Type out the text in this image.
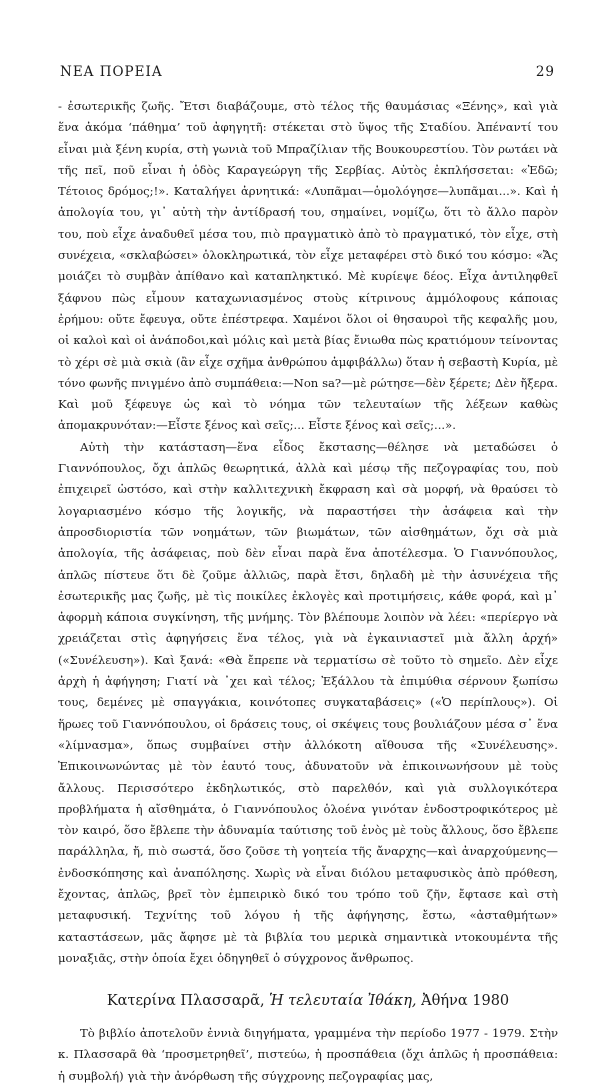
ΝΕΑ ΠΟΡΕΙΑ	29

- ἐσωτερικῆς ζωῆς. Ἔτσι διαβάζουμε, στὸ τέλος τῆς θαυμάσιας «Ξένης», καὶ γιὰ ἕνα ἀκόμα ‘πάθημα’ τοῦ ἀφηγητῆ: στέκεται στὸ ὕψος τῆς Σταδίου. Ἀπέναντί του εἶναι μιὰ ξένη κυρία, στὴ γωνιὰ τοῦ Μπραζίλιαν τῆς Βουκουρεστίου. Τὸν ρωτάει νὰ τῆς πεῖ, ποῦ εἶναι ἡ ὁδὸς Καραγεώργη τῆς Σερβίας. Αὐτὸς ἐκπλήσσεται: «Ἐδῶ; Τέτοιος δρόμος;!». Καταλήγει ἀρνητικά: «Λυπᾶμαι—ὁμολόγησε—λυπᾶμαι...». Καὶ ἡ ἀπολογία του, γι᾽ αὐτὴ τὴν ἀντίδρασή του, σημαίνει, νομίζω, ὅτι τὸ ἄλλο παρὸν του, ποὺ εἶχε ἀναδυθεῖ μέσα του, πιὸ πραγματικὸ ἀπὸ τὸ πραγματικό, τὸν εἶχε, στὴ συνέχεια, «σκλαβώσει» ὁλοκληρωτικά, τὸν εἶχε μεταφέρει στὸ δικό του κόσμο: «Ἄς μοιάζει τὸ συμβὰν ἀπίθανο καὶ καταπληκτικό. Μὲ κυρίεψε δέος. Εἶχα ἀντιληφθεῖ ξάφνου πὼς εἶμουν καταχωνιασμένος στοὺς κίτρινους ἀμμόλοφους κάποιας ἐρήμου: οὔτε ἔφευγα, οὔτε ἐπέστρεφα. Χαμένοι ὅλοι οἱ θησαυροὶ τῆς κεφαλῆς μου, οἱ καλοὶ καὶ οἱ ἀνάποδοι,καὶ μόλις καὶ μετὰ βίας ἔνιωθα πὼς κρατιόμουν τείνοντας τὸ χέρι σὲ μιὰ σκιὰ (ἂν εἶχε σχῆμα ἀνθρώπου ἀμφιβάλλω) ὅταν ἡ σεβαστὴ Κυρία, μὲ τόνο φωνῆς πνιγμένο ἀπὸ συμπάθεια:—Non sa?—μὲ ρώτησε—δὲν ξέρετε; Δὲν ἤξερα. Καὶ μοῦ ξέφευγε ὡς καὶ τὸ νόημα τῶν τελευταίων τῆς λέξεων καθὼς ἀπομακρυνόταν:—Εἶστε ξένος καὶ σεῖς;... Εἶστε ξένος καὶ σεῖς;...».

Αὐτὴ τὴν κατάσταση—ἕνα εἶδος ἔκστασης—θέλησε νὰ μεταδώσει ὁ Γιαννόπουλος, ὄχι ἁπλῶς θεωρητικά, ἀλλὰ καὶ μέσῳ τῆς πεζογραφίας του, ποὺ ἐπιχειρεῖ ὡστόσο, καὶ στὴν καλλιτεχνικὴ ἔκφραση καὶ σὰ μορφή, νὰ θραύσει τὸ λογαριασμένο κόσμο τῆς λογικῆς, νὰ παραστήσει τὴν ἀσάφεια καὶ τὴν ἀπροσδιοριστία τῶν νοημάτων, τῶν βιωμάτων, τῶν αἰσθημάτων, ὄχι σὰ μιὰ ἀπολογία, τῆς ἀσάφειας, ποὺ δὲν εἶναι παρὰ ἕνα ἀποτέλεσμα. Ὁ Γιαννόπουλος, ἁπλῶς πίστευε ὅτι δὲ ζοῦμε ἀλλιῶς, παρὰ ἔτσι, δηλαδὴ μὲ τὴν ἀσυνέχεια τῆς ἐσωτερικῆς μας ζωῆς, μὲ τὶς ποικίλες ἐκλογὲς καὶ προτιμήσεις, κάθε φορά, καὶ μ᾽ ἀφορμὴ κάποια συγκίνηση, τῆς μνήμης. Τὸν βλέπουμε λοιπὸν νὰ λέει: «περίεργο νὰ χρειάζεται στὶς ἀφηγήσεις ἕνα τέλος, γιὰ νὰ ἐγκαινιαστεῖ μιὰ ἄλλη ἀρχή» («Συνέλευση»). Καὶ ξανά: «Θὰ ἔπρεπε νὰ τερματίσω σὲ τοῦτο τὸ σημεῖο. Δὲν εἶχε ἀρχὴ ἡ ἀφήγηση; Γιατί νὰ ᾽χει καὶ τέλος; Ἐξάλλου τὰ ἐπιμύθια σέρνουν ξωπίσω τους, δεμένες μὲ σπαγγάκια, κοινότοπες συγκαταβάσεις» («Ὁ περίπλους»). Οἱ ἥρωες τοῦ Γιαννόπουλου, οἱ δράσεις τους, οἱ σκέψεις τους βουλιάζουν μέσα σ᾽ ἕνα «λίμνασμα», ὅπως συμβαίνει στὴν ἀλλόκοτη αἴθουσα τῆς «Συνέλευσης». Ἐπικοινωνώντας μὲ τὸν ἑαυτό τους, ἀδυνατοῦν νὰ ἐπικοινωνήσουν μὲ τοὺς ἄλλους. Περισσότερο ἐκδηλωτικός, στὸ παρελθόν, καὶ γιὰ συλλογικότερα προβλήματα ἡ αἴσθημάτα, ὁ Γιαννόπουλος ὁλοένα γινόταν ἐνδοστροφικότερος μὲ τὸν καιρό, ὅσο ἔβλεπε τὴν ἀδυναμία ταύτισης τοῦ ἑνὸς μὲ τοὺς ἄλλους, ὅσο ἔβλεπε παράλληλα, ἤ, πιὸ σωστά, ὅσο ζοῦσε τὴ γοητεία τῆς ἄναρχης—καὶ ἀναρχούμενης—ἐνδοσκόπησης καὶ ἀναπόλησης. Χωρὶς νὰ εἶναι διόλου μεταφυσικὸς ἀπὸ πρόθεση, ἔχοντας, ἁπλῶς, βρεῖ τὸν ἐμπειρικὸ δικό του τρόπο τοῦ ζῆν, ἔφτασε καὶ στὴ μεταφυσική. Τεχνίτης τοῦ λόγου ἡ τῆς ἀφήγησης, ἔστω, «ἀσταθμήτων» καταστάσεων, μᾶς ἄφησε μὲ τὰ βιβλία του μερικὰ σημαντικὰ ντοκουμέντα τῆς μοναξιᾶς, στὴν ὁποία ἔχει ὁδηγηθεῖ ὁ σύγχρονος ἄνθρωπος.

Κατερίνα Πλασσαρᾶ, Ἡ τελευταία Ἰθάκη, Ἀθήνα 1980

Τὸ βιβλίο ἀποτελοῦν ἐννιὰ διηγήματα, γραμμένα τὴν περίοδο 1977 - 1979. Στὴν κ. Πλασσαρᾶ θὰ ‘προσμετρηθεῖ’, πιστεύω, ἡ προσπάθεια (ὄχι ἁπλῶς ἡ προσπάθεια: ἡ συμβολή) γιὰ τὴν ἀνόρθωση τῆς σύγχρονης πεζογραφίας μας,
